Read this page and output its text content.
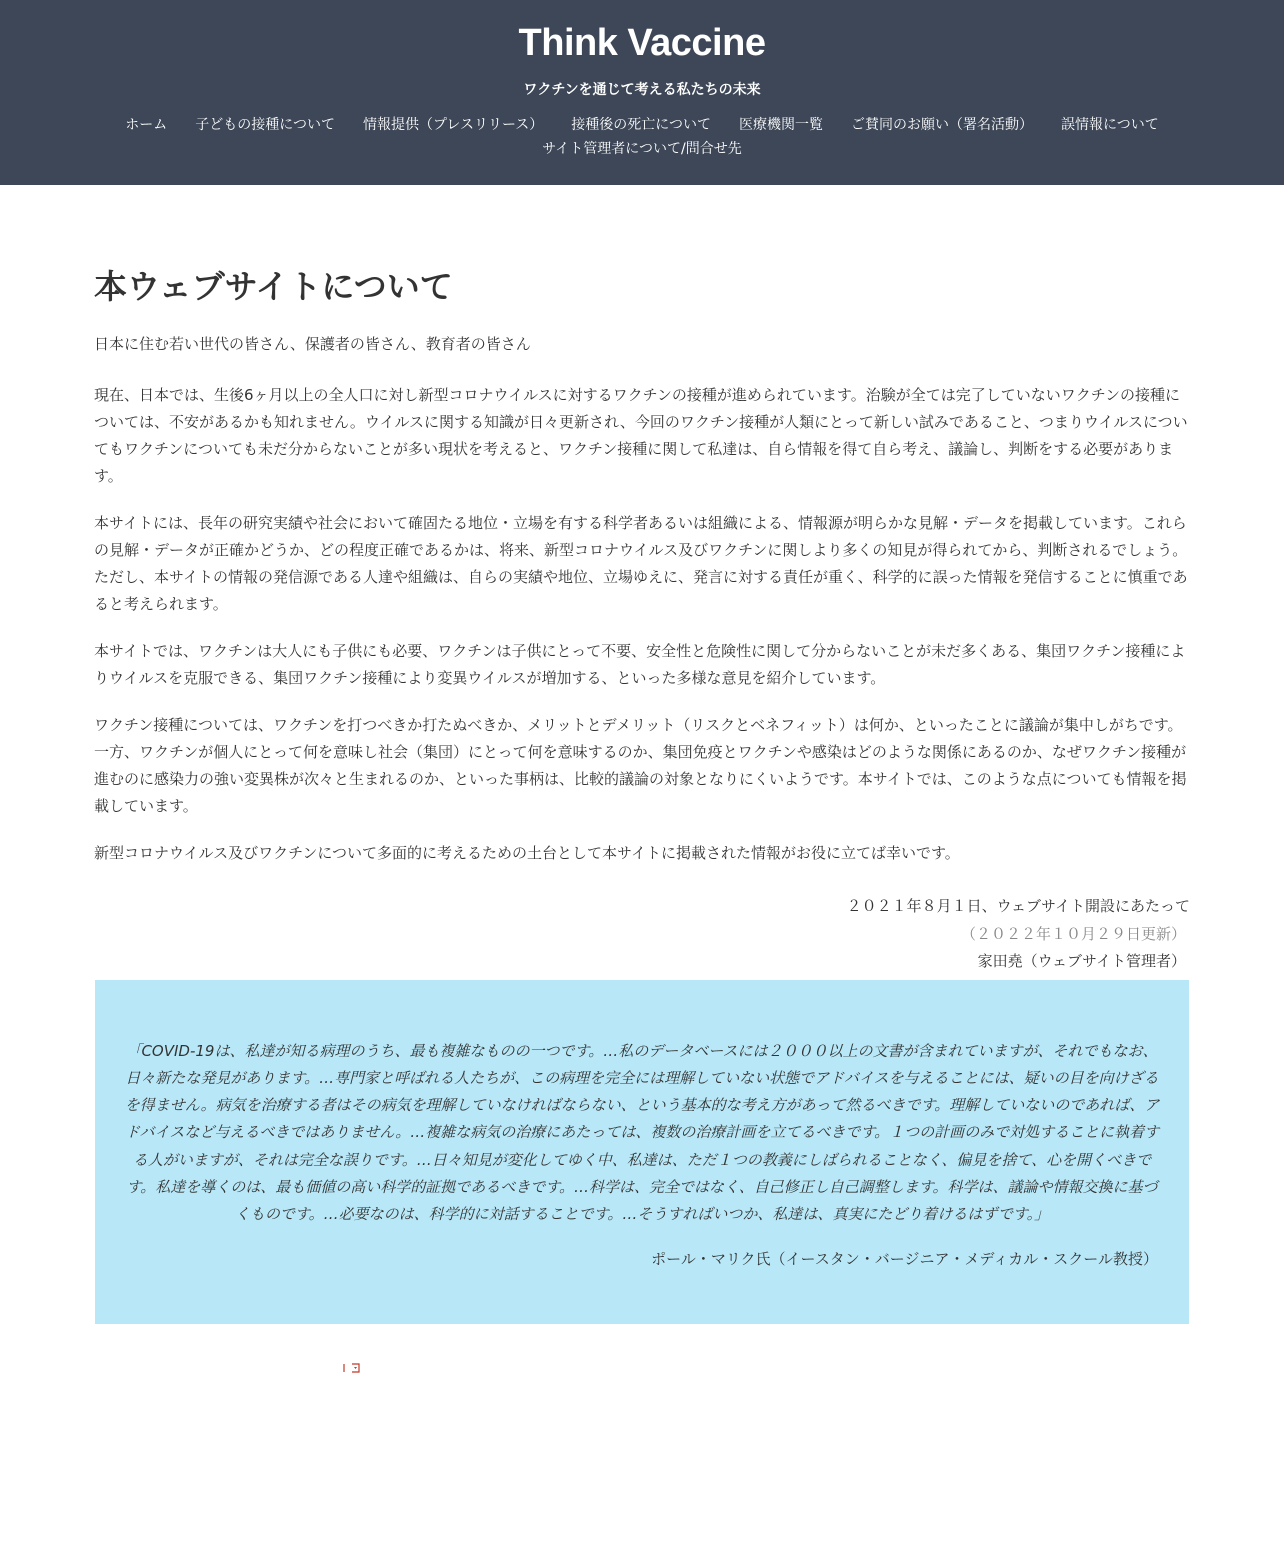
Think Vaccine
ワクチンを通じて考える私たちの未来
ホーム	子どもの接種について	情報提供（プレスリリース）	接種後の死亡について	医療機関一覧	ご賛同のお願い（署名活動）	誤情報について
サイト管理者について/問合せ先
本ウェブサイトについて

日本に住む若い世代の皆さん、保護者の皆さん、教育者の皆さん

現在、日本では、生後6ヶ月以上の全人口に対し新型コロナウイルスに対するワクチンの接種が進められています。治験が全ては完了していないワクチンの接種については、不安があるかも知れません。ウイルスに関する知識が日々更新され、今回のワクチン接種が人類にとって新しい試みであること、つまりウイルスについてもワクチンについても未だ分からないことが多い現状を考えると、ワクチン接種に関して私達は、自ら情報を得て自ら考え、議論し、判断をする必要があります。

本サイトには、長年の研究実績や社会において確固たる地位・立場を有する科学者あるいは組織による、情報源が明らかな見解・データを掲載しています。これらの見解・データが正確かどうか、どの程度正確であるかは、将来、新型コロナウイルス及びワクチンに関しより多くの知見が得られてから、判断されるでしょう。ただし、本サイトの情報の発信源である人達や組織は、自らの実績や地位、立場ゆえに、発言に対する責任が重く、科学的に誤った情報を発信することに慎重であると考えられます。

本サイトでは、ワクチンは大人にも子供にも必要、ワクチンは子供にとって不要、安全性と危険性に関して分からないことが未だ多くある、集団ワクチン接種によりウイルスを克服できる、集団ワクチン接種により変異ウイルスが増加する、といった多様な意見を紹介しています。

ワクチン接種については、ワクチンを打つべきか打たぬべきか、メリットとデメリット（リスクとベネフィット）は何か、といったことに議論が集中しがちです。一方、ワクチンが個人にとって何を意味し社会（集団）にとって何を意味するのか、集団免疫とワクチンや感染はどのような関係にあるのか、なぜワクチン接種が進むのに感染力の強い変異株が次々と生まれるのか、といった事柄は、比較的議論の対象となりにくいようです。本サイトでは、このような点についても情報を掲載しています。

新型コロナウイルス及びワクチンについて多面的に考えるための土台として本サイトに掲載された情報がお役に立てば幸いです。

２０２１年８月１日、ウェブサイト開設にあたって
（２０２２年１０月２９日更新）
家田堯（ウェブサイト管理者）

「COVID-19は、私達が知る病理のうち、最も複雑なものの一つです。…私のデータベースには２０００以上の文書が含まれていますが、それでもなお、日々新たな発見があります。…専門家と呼ばれる人たちが、この病理を完全には理解していない状態でアドバイスを与えることには、疑いの目を向けざるを得ません。病気を治療する者はその病気を理解していなければならない、という基本的な考え方があって然るべきです。理解していないのであれば、アドバイスなど与えるべきではありません。…複雑な病気の治療にあたっては、複数の治療計画を立てるべきです。１つの計画のみで対処することに執着する人がいますが、それは完全な誤りです。…日々知見が変化してゆく中、私達は、ただ１つの教義にしばられることなく、偏見を捨て、心を開くべきです。私達を導くのは、最も価値の高い科学的証拠であるべきです。…科学は、完全ではなく、自己修正し自己調整します。科学は、議論や情報交換に基づくものです。…必要なのは、科学的に対話することです。…そうすればいつか、私達は、真実にたどり着けるはずです。」

ポール・マリク氏（イースタン・バージニア・メディカル・スクール教授）
